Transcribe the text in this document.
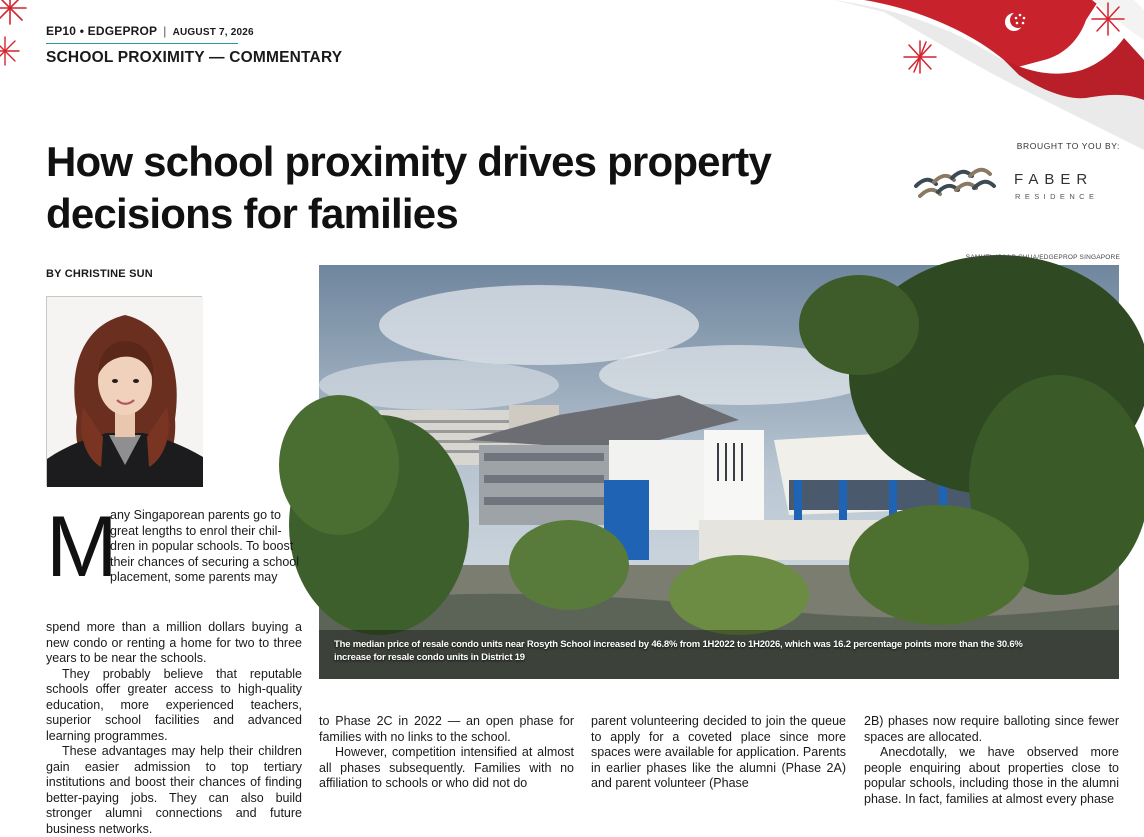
EP10 • EDGEPROP | AUGUST 7, 2026
SCHOOL PROXIMITY — COMMENTARY
How school proximity drives property decisions for families
BROUGHT TO YOU BY:
FABER
RESIDENCE
BY CHRISTINE SUN
The median price of resale condo units near Rosyth School increased by 46.8% from 1H2022 to 1H2026, which was 16.2 percentage points more than the 30.6% increase for resale condo units in District 19
SAMUEL ISAAC CHUA/EDGEPROP SINGAPORE
M
any Singaporean parents go to
great lengths to enrol their chil-
dren in popular schools. To boost
their chances of securing a school
placement, some parents may

spend more than a million dollars buying a new condo or renting a home for two to three years to be near the schools.

They probably believe that reputable schools offer greater access to high-quality education, more experienced teachers, superior school facilities and advanced learning programmes.

These advantages may help their children gain easier admission to top tertiary institutions and boost their chances of finding better-paying jobs. They can also build stronger alumni connections and future business networks.

to Phase 2C in 2022 — an open phase for families with no links to the school.

However, competition intensified at almost all phases subsequently. Families with no affiliation to schools or who did not do

parent volunteering decided to join the queue to apply for a coveted place since more spaces were available for application. Parents in earlier phases like the alumni (Phase 2A) and parent volunteer (Phase

2B) phases now require balloting since fewer spaces are allocated.

Anecdotally, we have observed more people enquiring about properties close to popular schools, including those in the alumni phase. In fact, families at almost every phase
